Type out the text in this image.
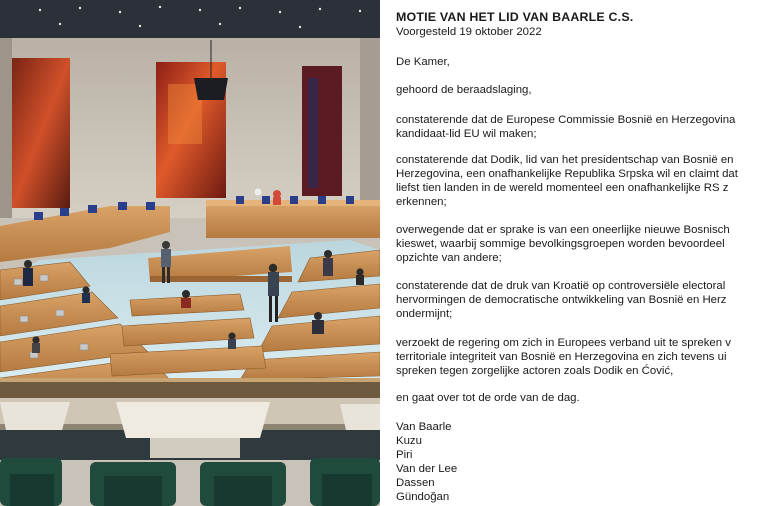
MOTIE VAN HET LID VAN BAARLE C.S.
Voorgesteld 19 oktober 2022
De Kamer,
gehoord de beraadslaging,
constaterende dat de Europese Commissie Bosnië en Herzegovina
kandidaat-lid EU wil maken;
constaterende dat Dodik, lid van het presidentschap van Bosnië en
Herzegovina, een onafhankelijke Republika Srpska wil en claimt dat
liefst tien landen in de wereld momenteel een onafhankelijke RS z
erkennen;
overwegende dat er sprake is van een oneerlijke nieuwe Bosnisch
kieswet, waarbij sommige bevolkingsgroepen worden bevoordeel
opzichte van andere;
constaterende dat de druk van Kroatië op controversiële electoral
hervormingen de democratische ontwikkeling van Bosnië en Herz
ondermijnt;
verzoekt de regering om zich in Europees verband uit te spreken v
territoriale integriteit van Bosnië en Herzegovina en zich tevens ui
spreken tegen zorgelijke actoren zoals Dodik en Ćović,
en gaat over tot de orde van de dag.
Van Baarle
Kuzu
Piri
Van der Lee
Dassen
Gündoğan
